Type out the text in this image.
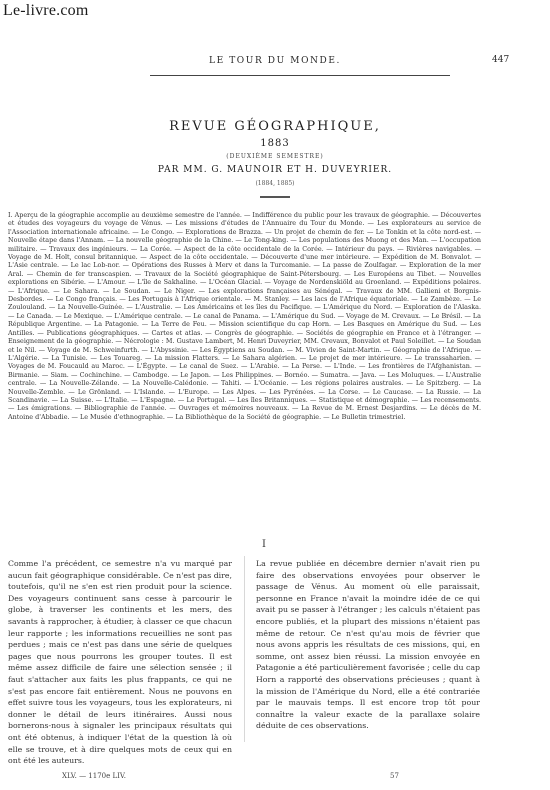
Le-livre.com
LE TOUR DU MONDE.	447
REVUE GÉOGRAPHIQUE,
1883
(DEUXIÈME SEMESTRE)
PAR MM. G. MAUNOIR ET H. DUVEYRIER.
(1884, 1885)

I. Aperçu de la géographie accomplie au deuxième semestre de l'année. — Indifférence du public pour les travaux de géographie. — Découvertes et études des voyageurs du voyage de Vénus. — Les missions d'études de l'Annuaire du Tour du Monde. — Les explorateurs au service de l'Association internationale africaine. — Le Congo. — Explorations de Brazza. — Un projet de chemin de fer. — Le Tonkin et la côte nord-est. — Nouvelle étape dans l'Annam. — La nouvelle géographie de la Chine. — Le Tong-king. — Les populations des Muong et des Man. — L'occupation militaire. — Travaux des ingénieurs. — La Corée. — Aspect de la côte occidentale de la Corée. — Intérieur du pays. — Rivières navigables. — Voyage de M. Holt, consul britannique. — Aspect de la côte occidentale. — Découverte d'une mer intérieure. — Expédition de M. Bonvalot. — L'Asie centrale. — Le lac Lob-nor. — Opérations des Russes à Merv et dans la Turcomanie. — La passe de Zoulfagar. — Exploration de la mer Aral. — Chemin de fer transcaspien. — Travaux de la Société géographique de Saint-Pétersbourg. — Les Européens au Tibet. — Nouvelles explorations en Sibérie. — L'Amour. — L'île de Sakhaline. — L'Océan Glacial. — Voyage de Nordenskiöld au Groenland. — Expéditions polaires. — L'Afrique. — Le Sahara. — Le Soudan. — Le Niger. — Les explorations françaises au Sénégal. — Travaux de MM. Gallieni et Borgnis-Desbordes. — Le Congo français. — Les Portugais à l'Afrique orientale. — M. Stanley. — Les lacs de l'Afrique équatoriale. — Le Zambèze. — Le Zoulouland. — La Nouvelle-Guinée. — L'Australie. — Les Américains et les îles du Pacifique. — L'Amérique du Nord. — Exploration de l'Alaska. — Le Canada. — Le Mexique. — L'Amérique centrale. — Le canal de Panama. — L'Amérique du Sud. — Voyage de M. Crevaux. — Le Brésil. — La République Argentine. — La Patagonie. — La Terre de Feu. — Mission scientifique du cap Horn. — Les Basques en Amérique du Sud. — Les Antilles. — Publications géographiques. — Cartes et atlas. — Congrès de géographie. — Sociétés de géographie en France et à l'étranger. — Enseignement de la géographie. — Nécrologie : M. Gustave Lambert, M. Henri Duveyrier, MM. Crevaux, Bonvalot et Paul Soleillet. — Le Soudan et le Nil. — Voyage de M. Schweinfurth. — L'Abyssinie. — Les Égyptiens au Soudan. — M. Vivien de Saint-Martin. — Géographie de l'Afrique. — L'Algérie. — La Tunisie. — Les Touareg. — La mission Flatters. — Le Sahara algérien. — Le projet de mer intérieure. — Le transsaharien. — Voyages de M. Foucauld au Maroc. — L'Égypte. — Le canal de Suez. — L'Arabie. — La Perse. — L'Inde. — Les frontières de l'Afghanistan. — Birmanie. — Siam. — Cochinchine. — Cambodge. — Le Japon. — Les Philippines. — Bornéo. — Sumatra. — Java. — Les Moluques. — L'Australie centrale. — La Nouvelle-Zélande. — La Nouvelle-Calédonie. — Tahiti. — L'Océanie. — Les régions polaires australes. — Le Spitzberg. — La Nouvelle-Zemble. — Le Grönland. — L'Islande. — L'Europe. — Les Alpes. — Les Pyrénées. — La Corse. — Le Caucase. — La Russie. — La Scandinavie. — La Suisse. — L'Italie. — L'Espagne. — Le Portugal. — Les îles Britanniques. — Statistique et démographie. — Les recensements. — Les émigrations. — Bibliographie de l'année. — Ouvrages et mémoires nouveaux. — La Revue de M. Ernest Desjardins. — Le décès de M. Antoine d'Abbadie. — Le Musée d'ethnographie. — La Bibliothèque de la Société de géographie. — Le Bulletin trimestriel.

I

Comme l'a précédent, ce semestre n'a vu marqué par aucun fait géographique considérable. Ce n'est pas dire, toutefois, qu'il ne s'en est rien produit pour la science. Des voyageurs continuent sans cesse à parcourir le globe, à traverser les continents et les mers, des savants à rapprocher, à étudier, à classer ce que chacun leur rapporte ; les informations recueillies ne sont pas perdues ; mais ce n'est pas dans une série de quelques pages que nous pourrons les grouper toutes. Il est même assez difficile de faire une sélection sensée ; il faut s'attacher aux faits les plus frappants, ce qui ne s'est pas encore fait entièrement. Nous ne pouvons en effet suivre tous les voyageurs, tous les explorateurs, ni donner le détail de leurs itinéraires. Aussi nous bornerons-nous à signaler les principaux résultats qui ont été obtenus, à indiquer l'état de la question là où elle se trouve, et à dire quelques mots de ceux qui en ont été les auteurs.

La revue publiée en décembre dernier n'avait rien pu faire des observations envoyées pour observer le passage de Vénus. Au moment où elle paraissait, personne en France n'avait la moindre idée de ce qui avait pu se passer à l'étranger ; les calculs n'étaient pas encore publiés, et la plupart des missions n'étaient pas même de retour. Ce n'est qu'au mois de février que nous avons appris les résultats de ces missions, qui, en somme, ont assez bien réussi. La mission envoyée en Patagonie a été particulièrement favorisée ; celle du cap Horn a rapporté des observations précieuses ; quant à la mission de l'Amérique du Nord, elle a été contrariée par le mauvais temps. Il est encore trop tôt pour connaître la valeur exacte de la parallaxe solaire déduite de ces observations.

XLV. — 1170e LIV.	57
